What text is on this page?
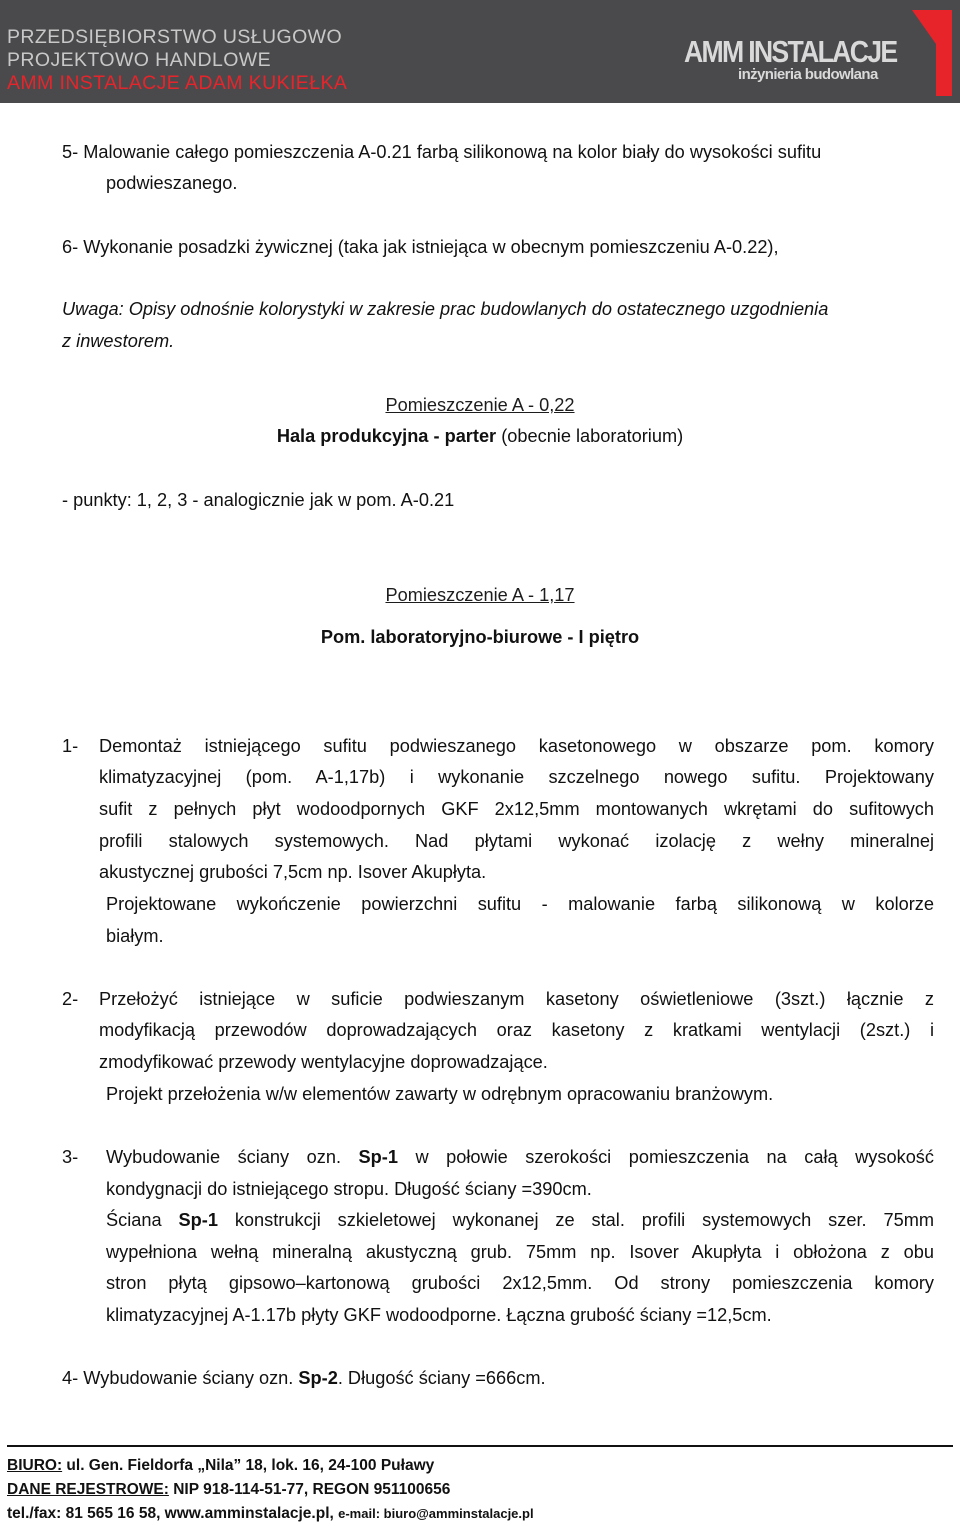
PRZEDSIĘBIORSTWO USŁUGOWO
PROJEKTOWO HANDLOWE
AMM INSTALACJE ADAM KUKIEŁKA
AMM INSTALACJE
inżynieria budowlana
5- Malowanie całego pomieszczenia A-0.21 farbą silikonową na kolor biały do wysokości sufitu
podwieszanego.
6- Wykonanie posadzki żywicznej (taka jak istniejąca w obecnym pomieszczeniu A-0.22),
Uwaga: Opisy odnośnie kolorystyki w zakresie prac budowlanych do ostatecznego uzgodnienia
z inwestorem.
Pomieszczenie A - 0,22
Hala produkcyjna - parter (obecnie laboratorium)
- punkty: 1, 2, 3 - analogicznie jak w pom. A-0.21
Pomieszczenie A - 1,17
Pom. laboratoryjno-biurowe - I piętro
1- Demontaż istniejącego sufitu podwieszanego kasetonowego w obszarze pom. komory
klimatyzacyjnej (pom. A-1,17b) i wykonanie szczelnego nowego sufitu. Projektowany
sufit z pełnych płyt wodoodpornych GKF 2x12,5mm montowanych wkrętami do sufitowych
profili stalowych systemowych. Nad płytami wykonać izolację z wełny mineralnej
akustycznej grubości 7,5cm np. Isover Akupłyta.
Projektowane wykończenie powierzchni sufitu - malowanie farbą silikonową w kolorze
białym.
2- Przełożyć istniejące w suficie podwieszanym kasetony oświetleniowe (3szt.) łącznie z
modyfikacją przewodów doprowadzających oraz kasetony z kratkami wentylacji (2szt.) i
zmodyfikować przewody wentylacyjne doprowadzające.
Projekt przełożenia w/w elementów zawarty w odrębnym opracowaniu branżowym.
3- Wybudowanie ściany ozn. Sp-1 w połowie szerokości pomieszczenia na całą wysokość
kondygnacji do istniejącego stropu. Długość ściany =390cm.
Ściana Sp-1 konstrukcji szkieletowej wykonanej ze stal. profili systemowych szer. 75mm
wypełniona wełną mineralną akustyczną grub. 75mm np. Isover Akupłyta i obłożona z obu
stron płytą gipsowo–kartonową grubości 2x12,5mm. Od strony pomieszczenia komory
klimatyzacyjnej A-1.17b płyty GKF wodoodporne. Łączna grubość ściany =12,5cm.
4- Wybudowanie ściany ozn. Sp-2. Długość ściany =666cm.
BIURO: ul. Gen. Fieldorfa „Nila” 18, lok. 16, 24-100 Puławy
DANE REJESTROWE: NIP 918-114-51-77, REGON 951100656
tel./fax: 81 565 16 58, www.amminstalacje.pl, e-mail: biuro@amminstalacje.pl
